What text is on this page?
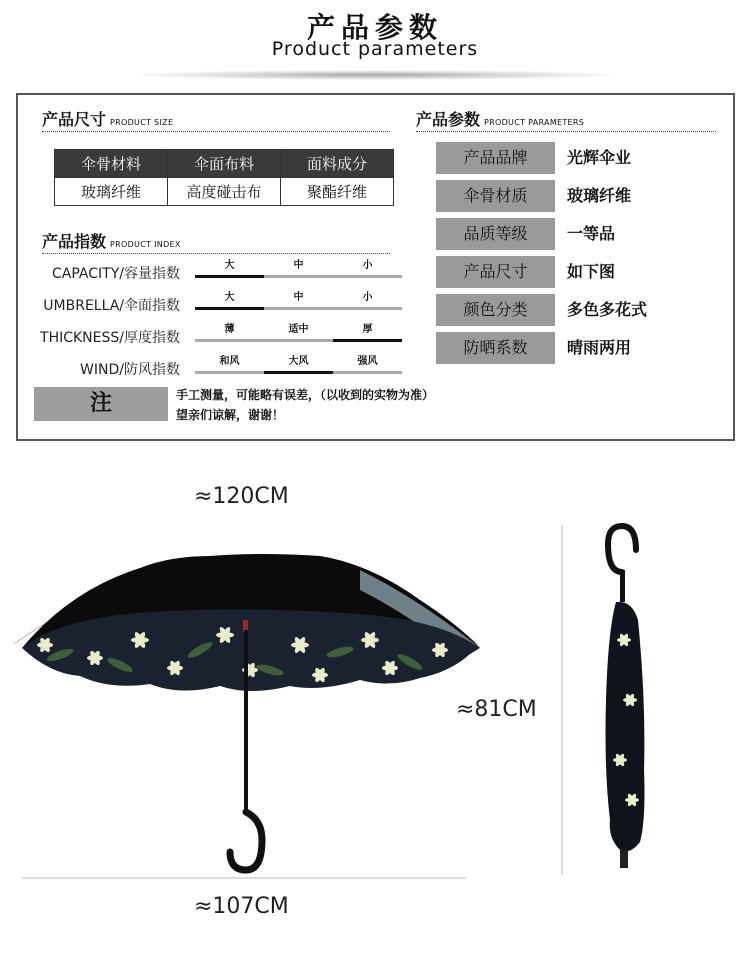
产品参数
Product parameters
产品尺寸 PRODUCT SIZE
伞骨材料	伞面布料	面料成分
玻璃纤维	高度碰击布	聚酯纤维
产品指数 PRODUCT INDEX
CAPACITY/容量指数
大	中	小
UMBRELLA/伞面指数
大	中	小
THICKNESS/厚度指数
薄	适中	厚
WIND/防风指数
和风	大风	强风
注	手工测量，可能略有误差，（以收到的实物为准）
望亲们谅解，谢谢！
产品参数 PRODUCT PARAMETERS
产品品牌	光辉伞业
伞骨材质	玻璃纤维
品质等级	一等品
产品尺寸	如下图
颜色分类	多色多花式
防晒系数	晴雨两用
≈120CM
≈107CM
≈81CM
